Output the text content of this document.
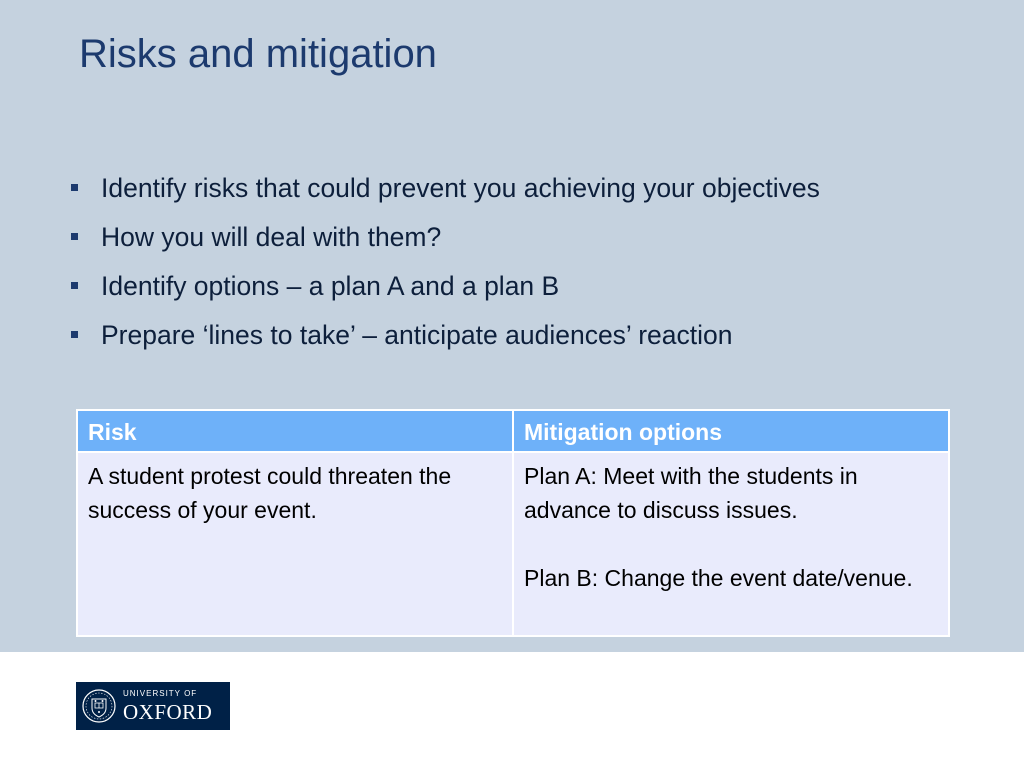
Risks and mitigation
Identify risks that could prevent you achieving your objectives
How you will deal with them?
Identify options – a plan A and a plan B
Prepare ‘lines to take’ – anticipate audiences’ reaction
Risk	Mitigation options

A student protest could threaten the success of your event.	Plan A: Meet with the students in advance to discuss issues.
Plan B: Change the event date/venue.
UNIVERSITY OF
OXFORD
